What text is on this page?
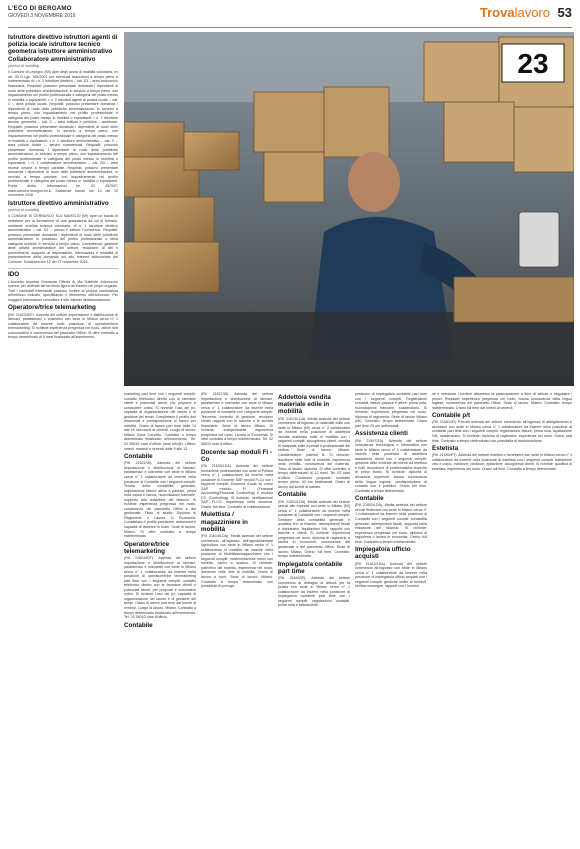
L'ECO DI BERGAMO
GIOVEDÌ 3 NOVEMBRE 2016	Trovalavoro 53
23
Istruttore direttivo istruttori agenti di polizia locale istruttore tecnico geometra istruttore amministrativo Collaboratore amministrativo
(avviso di mobilità)

Il Comune di Lesegno (MI) apre degli avvisi di mobilità volontaria, ex art. 30 D.Lgs. 165/2001 per eventuali assunzioni a tempo pieno e indeterminato di: • n. 1 istruttore direttivo – cat. D3 – area economico finanziaria. Requisiti: possono presentare domanda i dipendenti di ruolo delle pubbliche amministrazioni, in servizio a tempo pieno, con inquadramento nel profilo professionale e categoria del posto messo in mobilità o equivalenti; • n. 2 istruttori agenti di polizia locale – cat. C – area polizia locale. Requisiti: possono presentare domanda i dipendenti di ruolo delle pubbliche amministrazioni, in servizio a tempo pieno, con inquadramento nel profilo professionale e categoria del posto messo in mobilità o equivalenti; • n. 1 istruttore tecnico geometra – cat. C – area edilizia e pubblica – ambiente. Requisiti: possono presentare domanda i dipendenti di ruolo delle pubbliche amministrazioni, in servizio a tempo pieno, con inquadramento nel profilo professionale e categoria del posto messo in mobilità o equivalenti; • n. 1 istruttore amministrativo – cat. C – area polizia locale – servizi commerciali. Requisiti: possono presentare domanda i dipendenti di ruolo delle pubbliche amministrazioni, in servizio a tempo pieno, con inquadramento nel profilo professionale e categoria del posto messo in mobilità o equivalenti; • n. 1 collaboratore amministrativo – cat. B3 – area risorse umane a tempo parziale. Requisiti: possono presentare domanda i dipendenti di ruolo delle pubbliche amministrazioni, in servizio a tempo parziale, con inquadramento nel profilo professionale e categoria del posto messo in mobilità o equivalenti. Ponte diritto. Informazioni tel. 02 457007; www.comune.lesegno.mi.it. Scadenza bando ore 12 del 10 novembre 2016.

Istruttore direttivo amministrativo
(avviso di mobilità)

Il COMUNE DI CERNUSCO SUL NAVIGLIO (MI) apre un bando di selezione per la formazione di una graduatoria da cui si tornano, mediante mobilità esterna volontaria, di n. 1 istruttore direttivo amministrativo – cat. D1 – presso il settore Commercio. Requisiti: possono presentare domanda i dipendenti di ruolo delle pubbliche amministrazioni in possesso del profilo professionale e della categoria richiesti, in servizio a tempo pieno. Competenze: gestione delle attività amministrative del settore, redazione di atti e procedimenti, supporto al responsabile. Informazioni e modalità di presentazione della domanda sul sito internet istituzionale del Comune. Scadenza ore 12 del 17 novembre 2016.

IDO

L'Accordo Impresa Domanda Offerta di Via Gabriele d'Annunzio ricerca: per aziende del territorio figure da inserire nei propri organici. Tutti i candidati interessati possono inviare la propria candidatura all'indirizzo indicato, specificando il riferimento dell'annuncio. Per maggiori informazioni consultare il sito internet dell'associazione.

Operatore/trice telemarketing

(Rif. 21623/IDF). Azienda del settore importazione e distribuzione di farmaci, parafarmaci e cosmetici con sede in Milano cerca n° 1 collaboratore da inserire nella posizione di operatore/trice telemarketing. Si richiede esperienza pregressa nel ruolo, ottime doti comunicative e conoscenza del pacchetto Office. Si offre contratto a tempo determinato di 6 mesi finalizzato all'inserimento.

marketing part time con i seguenti compiti: contatto telefonico diretto con le farmacie clienti e potenziali clienti, per proporre e concludere ordini. Si richiede l'uso del pc, capacità di organizzazione del lavoro e di gestione dei tempi. Completano il profilo doti relazionali e predisposizione al lavoro per obiettivi. Orario di lavoro part time dalle 14 alle 18 dal lunedì al venerdì. Luogo di lavoro: Milano Zona Corvetto. Contratto a tempo determinato finalizzato all'inserimento. Tel. 02 58010 orari d'ufficio (mail info@). Ufficio: lunedì, martedì e venerdì dalle 9 alle 13.

Contabile

(Rif. 21621/ID). Azienda del settore importazione e distribuzione di farmaci, parafarmaci e cosmetici con sede in Milano cerca n° 1 collaboratore da inserire nella posizione di Contabile con i seguenti compiti: Tenuta della contabilità generale, registrazione fatture attive e passive, prima nota cassa e banca, riconciliazioni bancarie, supporto alla redazione del bilancio. Si richiede esperienza pregressa nel ruolo, conoscenza del pacchetto Office e del gestionale. Titolo di studio: Diploma di Ragioneria o Laurea in Economia. Completano il profilo precisione, autonomia e capacità di lavorare in team. Sede di lavoro: Milano. Si offre contratto a tempo indeterminato.

Operatore/trice telemarketing

(Rif. 21624/IDF). Azienda del settore importazione e distribuzione di farmaci, parafarmaci e cosmetici con sede in Milano cerca n° 1 collaboratore da inserire nella posizione di operatore/trice telemarketing part time con i seguenti compiti: contatto telefonico diretto con le farmacie clienti e potenziali clienti, per proporre e concludere ordini. Si richiede l'uso del pc, capacità di organizzazione del lavoro e di gestione dei tempi. Orario di lavoro part time dal lunedì al venerdì. Luogo di lavoro: Milano. Contratto a tempo determinato finalizzato all'inserimento. Tel. 02 58010 orari d'ufficio.

Contabile

(Rif. 21627/ID). Azienda del settore importazione e distribuzione di farmaci, parafarmaci e cosmetici con sede in Milano cerca n° 1 collaboratore da inserire nella posizione di contabile con i seguenti compiti: Tesoreria, controllo di gestione, recupero crediti rapporti con le banche e le società finanziarie. Sede di lavoro Milano. Si richiede: indispensabile esperienza pregressa nel ruolo. Laurea in Economia. Si offre contratto a tempo indeterminato. Tel. 02 58010 orari d'ufficio.

Docente sap moduli Fi - Co

(Rif. 21630/LDA). Azienda del settore formazione professionale con sede in Pellaro cerca n° 1 collaboratore da inserire nella posizione di Docente SAP moduli Fi-Co con i seguenti compiti: Docenza d'aula su corso SAP modulo FI (Financial Accounting/Financial Controlling) e modulo CO (Controlling). Si richiede: certificazione SAP FI-CO, esperienza nella docenza. Orario: full time. Contratto di collaborazione.

Mulettista / magazziniere in mobilità

(Rif. 21614/LDA). Media azienda del settore commercio all'ingrosso dell'agroalimentare Agricoltura con sede in Milano cerca n° 1 collaboratore in mobilità da inserire nella posizione di Mulettista/magazziniere con i seguenti compiti: movimentazione merci con muletto, carico e scarico. Si richiede: patentino del muletto, esperienza nel ruolo, iscrizione nelle liste di mobilità. Orario di lavoro a turni. Sede di lavoro: Milano. Contratto a tempo determinato con possibilità di proroga.

Addetto/a vendita materiale edile in mobilità

(Rif. 21613/LDA). Media azienda del settore commercio all'ingrosso di materiale edile con sede in Milano (MI) cerca n° 2 collaboratori da inserire nella posizione di addetto/a vendita materiale edile in mobilità con i seguenti compiti: accoglienza clienti, vendita di materiale edile a privati e professionisti del settore. Sede di lavoro: Milano. Caratteristiche: patente B. Si richiede: iscrizione nelle liste di mobilità, esperienza nella vendita, conoscenza dei materiali. Titolo di studio: diploma. Si offre contratto a tempo determinato di 12 mesi. Tel. 02 orari d'ufficio. Condizioni proposte: contratto tempo pieno, 40 ore settimanali. Orario di lavoro dal lunedì al sabato.

Contabile

(Rif. 21601/LDA). Media azienda del settore servizi alle imprese con sede in Milano (MI) cerca n° 1 collaboratore da inserire nella posizione di Contabile con i seguenti compiti: Gestione della contabilità generale e analitica fino al bilancio, adempimenti fiscali e dichiarativi, liquidazioni IVA, rapporti con banche e clienti. Si richiede: esperienza pregressa nel ruolo, diploma di ragioneria o laurea in economia, conoscenza del gestionale e del pacchetto Office. Sede di lavoro: Milano. Orario: full time. Contratto: tempo indeterminato.

Impiegato/a contabile part time

(Rif. 21643/IP). Azienda del settore commercio al dettaglio di articoli per la pulizia con sede in Milano cerca n° 1 collaboratore da inserire nella posizione di impiegato/a contabile part time con i seguenti compiti: registrazioni contabili, prima nota e fatturazione.

posizione di impiegato/a contabile part time con i seguenti compiti: Registrazioni contabili, fatture passive e attive, prima nota, riconciliazioni bancarie, scadenziario. Si richiede: esperienza pregressa nel ruolo, diploma di ragioneria. Sede di lavoro Milano (MI). Contratto: tempo determinato. Orario part time 20 ore settimanali.

Assistenza clienti

(Rif. 21597/ZA). Azienda del settore consulenza tecnologica e informatica con sede in Milano cerca n° 1 collaboratore da inserire nella posizione di addetto/a assistenza clienti con i seguenti compiti: gestione delle richieste dei clienti via telefono e mail, risoluzione di problematiche tecniche di primo livello. Si richiede: diploma di istruzione superiore, buona conoscenza della lingua inglese, predisposizione al contatto con il pubblico. Orario full time. Contratto a tempo determinato.

Contabile

(Rif. 21602/LDA). Media azienda del settore servizi finanziari con sede in Milano cerca n° 1 collaboratore da inserire nella posizione di Contabile con i seguenti compiti: contabilità generale, adempimenti fiscali, supporto nella redazione del bilancio. Si richiede: esperienza pregressa nel ruolo, diploma di ragioneria o laurea in economia. Orario: full time. Contratto a tempo indeterminato.

Impiegato/a ufficio acquisti

(Rif. 21612/LDA). Azienda del settore commercio all'ingrosso con sede in Milano cerca n° 1 collaboratore da inserire nella posizione di impiegato/a ufficio acquisti con i seguenti compiti: gestione ordini ai fornitori, verifica consegne, rapporti con i fornitori.

ce e selezione i fornitori attraverso la partecipazione a fiere di settore e negoziare i prezzi. Requisiti: esperienza pregressa nel ruolo, buona conoscenza della lingua inglese, conoscenza del pacchetto Office. Sede di lavoro: Milano. Contratto: tempo indeterminato. Orario full time dal lunedì al venerdì.

Contabile p/t

(Rif. 21451/ID). Piccola azienda del settore commercio all'ingrosso di abbigliamento e accessori con sede in Milano cerca n° 1 collaboratore da inserire nella posizione di contabile part time con i seguenti compiti: registrazione fatture, prima nota, liquidazione IVA, scadenziario. Si richiede: diploma di ragioneria, esperienza nel ruolo. Orario part time. Contratto a tempo determinato con possibilità di trasformazione.

Estetista

(Rif. 21440/ET). Azienda del settore estetica e benessere con sede in Milano cerca n° 1 collaboratore da inserire nella posizione di estetista con i seguenti compiti: trattamenti viso e corpo, manicure, pedicure, epilazione, accoglienza clienti. Si richiede: qualifica di estetista, esperienza nel ruolo. Orario full time. Contratto a tempo determinato.
